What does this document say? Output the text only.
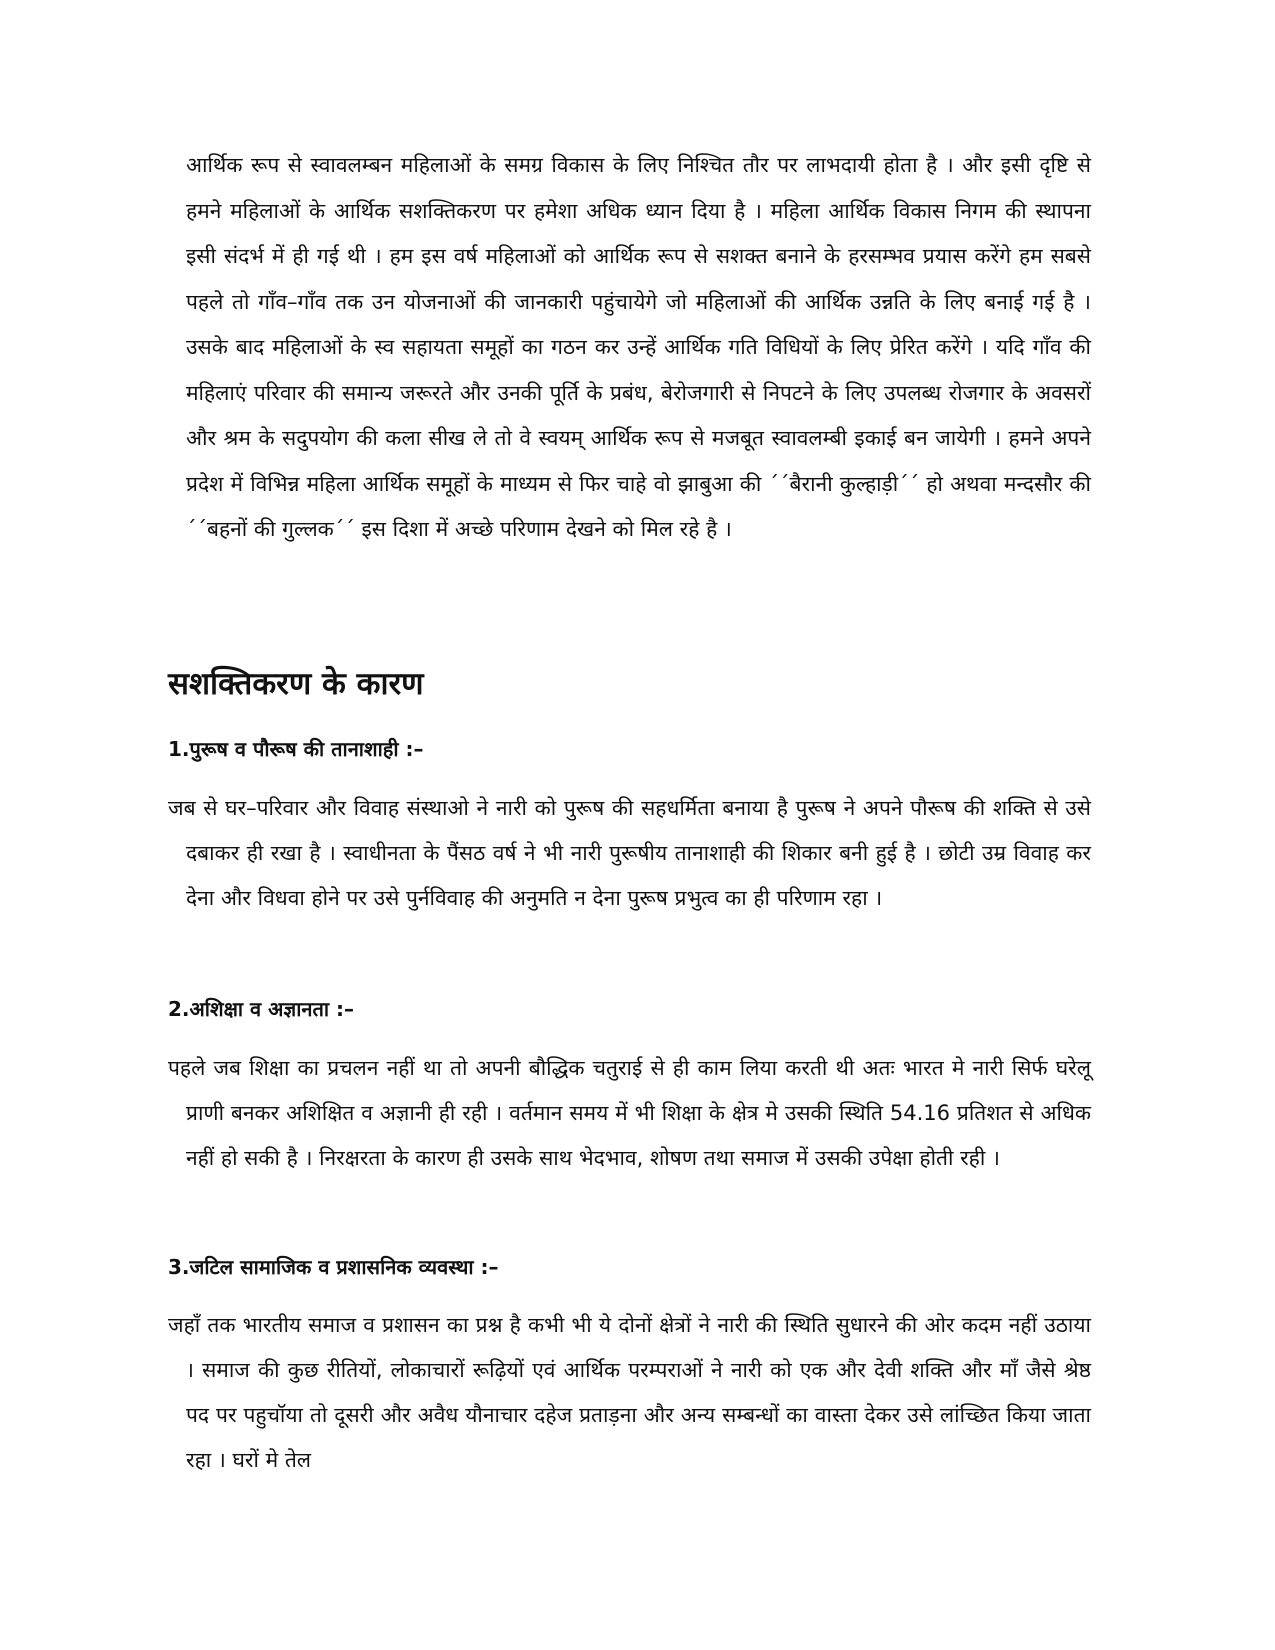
आर्थिक रूप से स्वावलम्बन महिलाओं के समग्र विकास के लिए निश्चित तौर पर लाभदायी होता है । और इसी दृष्टि से हमने महिलाओं के आर्थिक सशक्तिकरण पर हमेशा अधिक ध्यान दिया है । महिला आर्थिक विकास निगम की स्थापना इसी संदर्भ में ही गई थी । हम इस वर्ष महिलाओं को आर्थिक रूप से सशक्त बनाने के हरसम्भव प्रयास करेंगे हम सबसे पहले तो गॉंव–गॉंव तक उन योजनाओं की जानकारी पहुंचायेगे जो महिलाओं की आर्थिक उन्नति के लिए बनाई गई है । उसके बाद महिलाओं के स्व सहायता समूहों का गठन कर उन्हें आर्थिक गति विधियों के लिए प्रेरित करेंगे । यदि गॉंव की महिलाएं परिवार की समान्य जरूरते और उनकी पूर्ति के प्रबंध, बेरोजगारी से निपटने के लिए उपलब्ध रोजगार के अवसरों और श्रम के सदुपयोग की कला सीख ले तो वे स्वयम् आर्थिक रूप से मजबूत स्वावलम्बी इकाई बन जायेगी । हमने अपने प्रदेश में विभिन्न महिला आर्थिक समूहों के माध्यम से फिर चाहे वो झाबुआ की ´´बैरानी कुल्हाड़ी´´ हो अथवा मन्दसौर की ´´बहनों की गुल्लक´´ इस दिशा में अच्छे परिणाम देखने को मिल रहे है ।

सशक्तिकरण के कारण
1.पुरूष व पौरूष की तानाशाही :–

जब से घर–परिवार और विवाह संस्थाओ ने नारी को पुरूष की सहधर्मिता बनाया है पुरूष ने अपने पौरूष की शक्ति से उसे दबाकर ही रखा है । स्वाधीनता के पैंसठ वर्ष ने भी नारी पुरूषीय तानाशाही की शिकार बनी हुई है । छोटी उम्र विवाह कर देना और विधवा होने पर उसे पुर्नविवाह की अनुमति न देना पुरूष प्रभुत्व का ही परिणाम रहा ।

2.अशिक्षा व अज्ञानता :–

पहले जब शिक्षा का प्रचलन नहीं था तो अपनी बौद्धिक चतुराई से ही काम लिया करती थी अतः भारत मे नारी सिर्फ घरेलू प्राणी बनकर अशिक्षित व अज्ञानी ही रही । वर्तमान समय में भी शिक्षा के क्षेत्र मे उसकी स्थिति 54.16 प्रतिशत से अधिक नहीं हो सकी है । निरक्षरता के कारण ही उसके साथ भेदभाव, शोषण तथा समाज में उसकी उपेक्षा होती रही ।

3.जटिल सामाजिक व प्रशासनिक व्यवस्था :–

जहाँ तक भारतीय समाज व प्रशासन का प्रश्न है कभी भी ये दोनों क्षेत्रों ने नारी की स्थिति सुधारने की ओर कदम नहीं उठाया । समाज की कुछ रीतियों, लोकाचारों रूढ़ियों एवं आर्थिक परम्पराओं ने नारी को एक और देवी शक्ति और माँ जैसे श्रेष्ठ पद पर पहुचॉया तो दूसरी और अवैध यौनाचार दहेज प्रताड़ना और अन्य सम्बन्धों का वास्ता देकर उसे लांच्छित किया जाता रहा । घरों मे तेल
